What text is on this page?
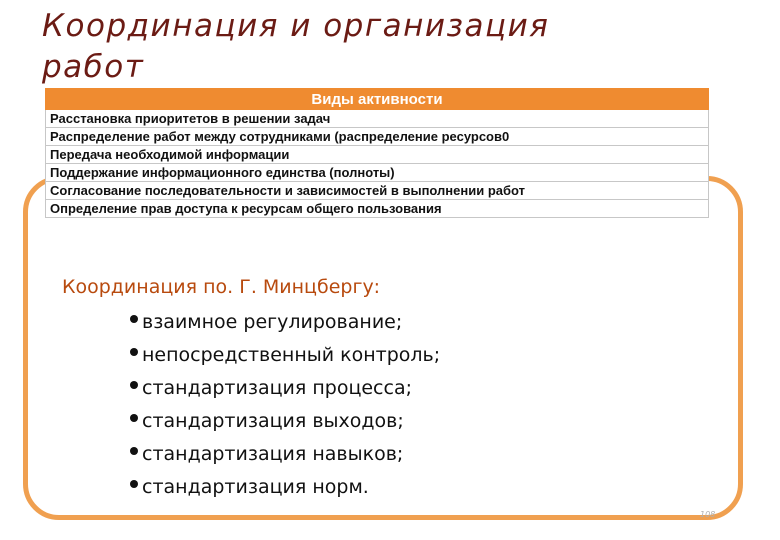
Координация и организация работ
Виды активности
Расстановка приоритетов в решении задач
Распределение работ между сотрудниками (распределение ресурсов0
Передача необходимой информации
Поддержание информационного единства (полноты)
Согласование последовательности и зависимостей в выполнении работ
Определение прав доступа к ресурсам общего пользования
Координация по. Г. Минцбергу:
взаимное регулирование;
непосредственный контроль;
стандартизация процесса;
стандартизация выходов;
стандартизация навыков;
стандартизация норм.
108
